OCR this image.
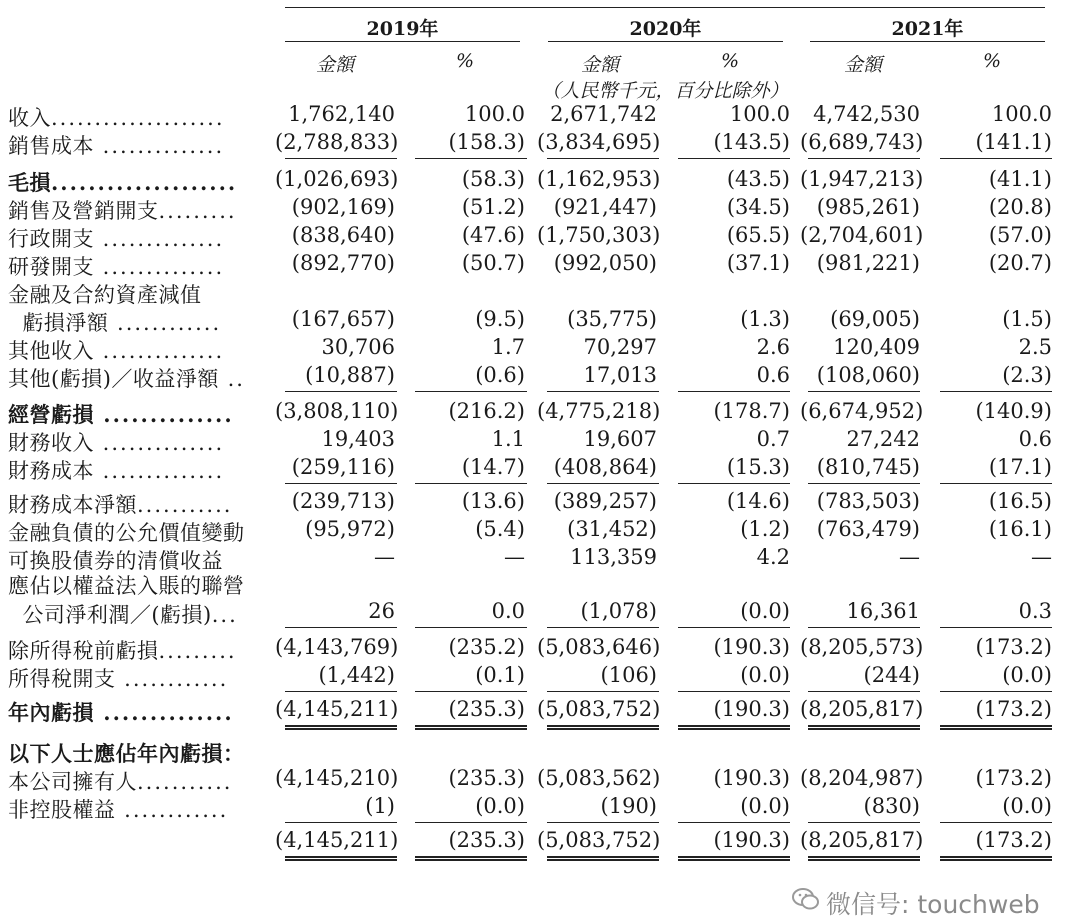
2019年	2020年	2021年
金額	%	金額	%	金額	%
（人民幣千元，百分比除外）
收入....................	1,762,140	100.0	2,671,742	100.0	4,742,530	100.0
銷售成本 .............. (2,788,833)	(158.3) (3,834,695)	(143.5) (6,689,743)	(141.1)
毛損.................... (1,026,693)	(58.3) (1,162,953)	(43.5) (1,947,213)	(41.1)
銷售及營銷開支.........	(902,169)	(51.2)	(921,447)	(34.5)	(985,261)	(20.8)
行政開支 ..............	(838,640)	(47.6) (1,750,303)	(65.5) (2,704,601)	(57.0)
研發開支 ..............	(892,770)	(50.7)	(992,050)	(37.1)	(981,221)	(20.7)
金融及合約資產減值
虧損淨額 ............	(167,657)	(9.5)	(35,775)	(1.3)	(69,005)	(1.5)
其他收入 ..............	30,706	1.7	70,297	2.6	120,409	2.5
其他(虧損)／收益淨額 ..	(10,887)	(0.6)	17,013	0.6	(108,060)	(2.3)
經營虧損 .............. (3,808,110)	(216.2) (4,775,218)	(178.7) (6,674,952)	(140.9)
財務收入 ..............	19,403	1.1	19,607	0.7	27,242	0.6
財務成本 ..............	(259,116)	(14.7)	(408,864)	(15.3)	(810,745)	(17.1)
財務成本淨額...........	(239,713)	(13.6)	(389,257)	(14.6)	(783,503)	(16.5)
金融負債的公允價值變動	(95,972)	(5.4)	(31,452)	(1.2)	(763,479)	(16.1)
可換股債券的清償收益	—	—	113,359	4.2	—	—
應佔以權益法入賬的聯營
公司淨利潤／(虧損)...	26	0.0	(1,078)	(0.0)	16,361	0.3
除所得稅前虧損......... (4,143,769)	(235.2) (5,083,646)	(190.3) (8,205,573)	(173.2)
所得稅開支 ............	(1,442)	(0.1)	(106)	(0.0)	(244)	(0.0)
年內虧損 .............. (4,145,211)	(235.3) (5,083,752)	(190.3) (8,205,817)	(173.2)
以下人士應佔年內虧損：
本公司擁有人........... (4,145,210)	(235.3) (5,083,562)	(190.3) (8,204,987)	(173.2)
非控股權益 ............	(1)	(0.0)	(190)	(0.0)	(830)	(0.0)
(4,145,211)	(235.3) (5,083,752)	(190.3) (8,205,817)	(173.2)
微信号: touchweb
